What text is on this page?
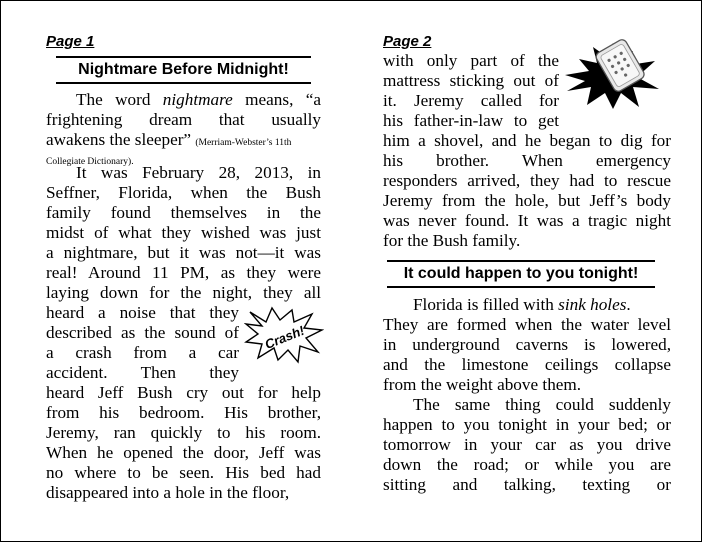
Page 1
Nightmare Before Midnight!
The word nightmare means, “a
frightening dream that usually
awakens the sleeper” (Merriam-Webster’s 11th
Collegiate Dictionary).
It was February 28, 2013, in
Seffner, Florida, when the Bush
family found themselves in the
midst of what they wished was just
a nightmare, but it was not—it was
real! Around 11 PM, as they were
laying down for the night, they all
heard a noise that they
described as the sound of
a crash from a car
accident. Then they
heard Jeff Bush cry out for help
from his bedroom. His brother,
Jeremy, ran quickly to his room.
When he opened the door, Jeff was
no where to be seen. His bed had
disappeared into a hole in the floor,
Crash!
Page 2
with only part of the
mattress sticking out of
it. Jeremy called for
his father-in-law to get
him a shovel, and he began to dig for
his brother. When emergency
responders arrived, they had to rescue
Jeremy from the hole, but Jeff’s body
was never found. It was a tragic night
for the Bush family.
It could happen to you tonight!
Florida is filled with sink holes.
They are formed when the water level
in underground caverns is lowered,
and the limestone ceilings collapse
from the weight above them.
The same thing could suddenly
happen to you tonight in your bed; or
tomorrow in your car as you drive
down the road; or while you are
sitting and talking, texting or
